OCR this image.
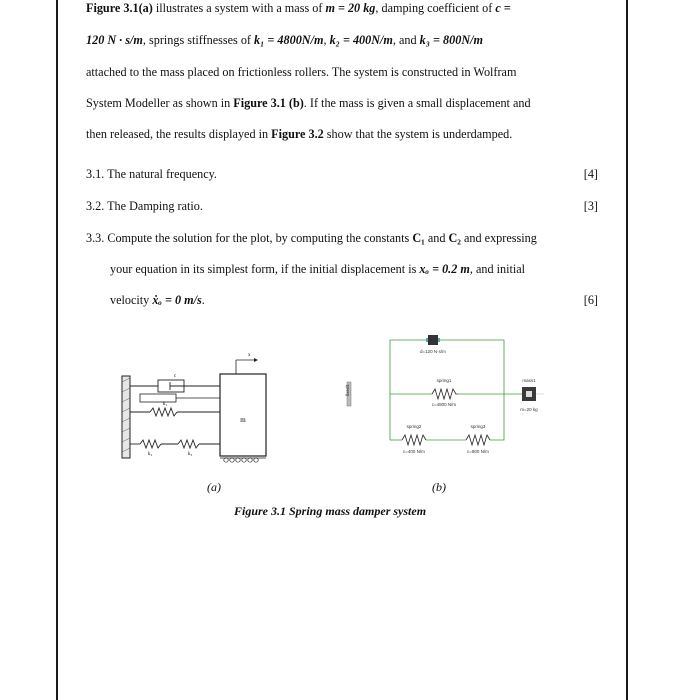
Figure 3.1(a) illustrates a system with a mass of m = 20 kg, damping coefficient of c =
120 N · s/m, springs stiffnesses of k₁ = 4800N/m, k₂ = 400N/m, and k₃ = 800N/m
attached to the mass placed on frictionless rollers. The system is constructed in Wolfram
System Modeller as shown in Figure 3.1 (b). If the mass is given a small displacement and
then released, the results displayed in Figure 3.2 show that the system is underdamped.
3.1. The natural frequency.	[4]
3.2. The Damping ratio.	[3]
3.3. Compute the solution for the plot, by computing the constants C₁ and C₂ and expressing
your equation in its simplest form, if the initial displacement is xₒ = 0.2 m, and initial
velocity ẋₒ = 0 m/s.	[6]
m
x
c
k₁
k₂	k₃
fixed1
d=120 N·s/m
spring1
c=4800 N/m
spring2
c=400 N/m
spring3
c=800 N/m
mass1
m=20 kg
(a)	(b)
Figure 3.1 Spring mass damper system
